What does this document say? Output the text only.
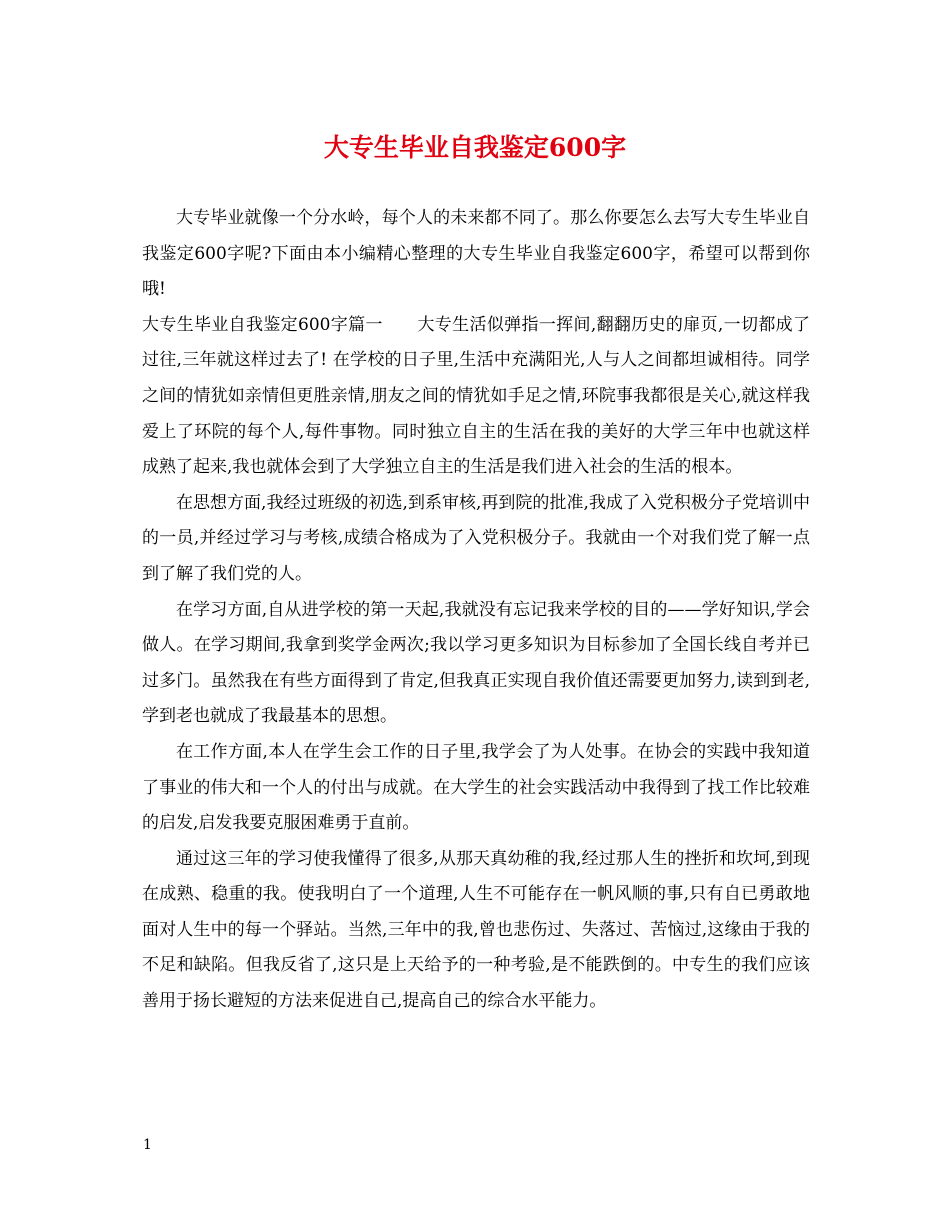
大专生毕业自我鉴定600字

大专毕业就像一个分水岭，每个人的未来都不同了。那么你要怎么去写大专生毕业自我鉴定600字呢?下面由本小编精心整理的大专生毕业自我鉴定600字，希望可以帮到你哦!

大专生毕业自我鉴定600字篇一　　大专生活似弹指一挥间,翻翻历史的扉页,一切都成了过往,三年就这样过去了! 在学校的日子里,生活中充满阳光,人与人之间都坦诚相待。同学之间的情犹如亲情但更胜亲情,朋友之间的情犹如手足之情,环院事我都很是关心,就这样我爱上了环院的每个人,每件事物。同时独立自主的生活在我的美好的大学三年中也就这样成熟了起来,我也就体会到了大学独立自主的生活是我们进入社会的生活的根本。

在思想方面,我经过班级的初选,到系审核,再到院的批准,我成了入党积极分子党培训中的一员,并经过学习与考核,成绩合格成为了入党积极分子。我就由一个对我们党了解一点到了解了我们党的人。

在学习方面,自从进学校的第一天起,我就没有忘记我来学校的目的——学好知识,学会做人。在学习期间,我拿到奖学金两次;我以学习更多知识为目标参加了全国长线自考并已过多门。虽然我在有些方面得到了肯定,但我真正实现自我价值还需要更加努力,读到到老,学到老也就成了我最基本的思想。

在工作方面,本人在学生会工作的日子里,我学会了为人处事。在协会的实践中我知道了事业的伟大和一个人的付出与成就。在大学生的社会实践活动中我得到了找工作比较难的启发,启发我要克服困难勇于直前。

通过这三年的学习使我懂得了很多,从那天真幼稚的我,经过那人生的挫折和坎坷,到现在成熟、稳重的我。使我明白了一个道理,人生不可能存在一帆风顺的事,只有自已勇敢地面对人生中的每一个驿站。当然,三年中的我,曾也悲伤过、失落过、苦恼过,这缘由于我的不足和缺陷。但我反省了,这只是上天给予的一种考验,是不能跌倒的。中专生的我们应该善用于扬长避短的方法来促进自己,提高自己的综合水平能力。

1
